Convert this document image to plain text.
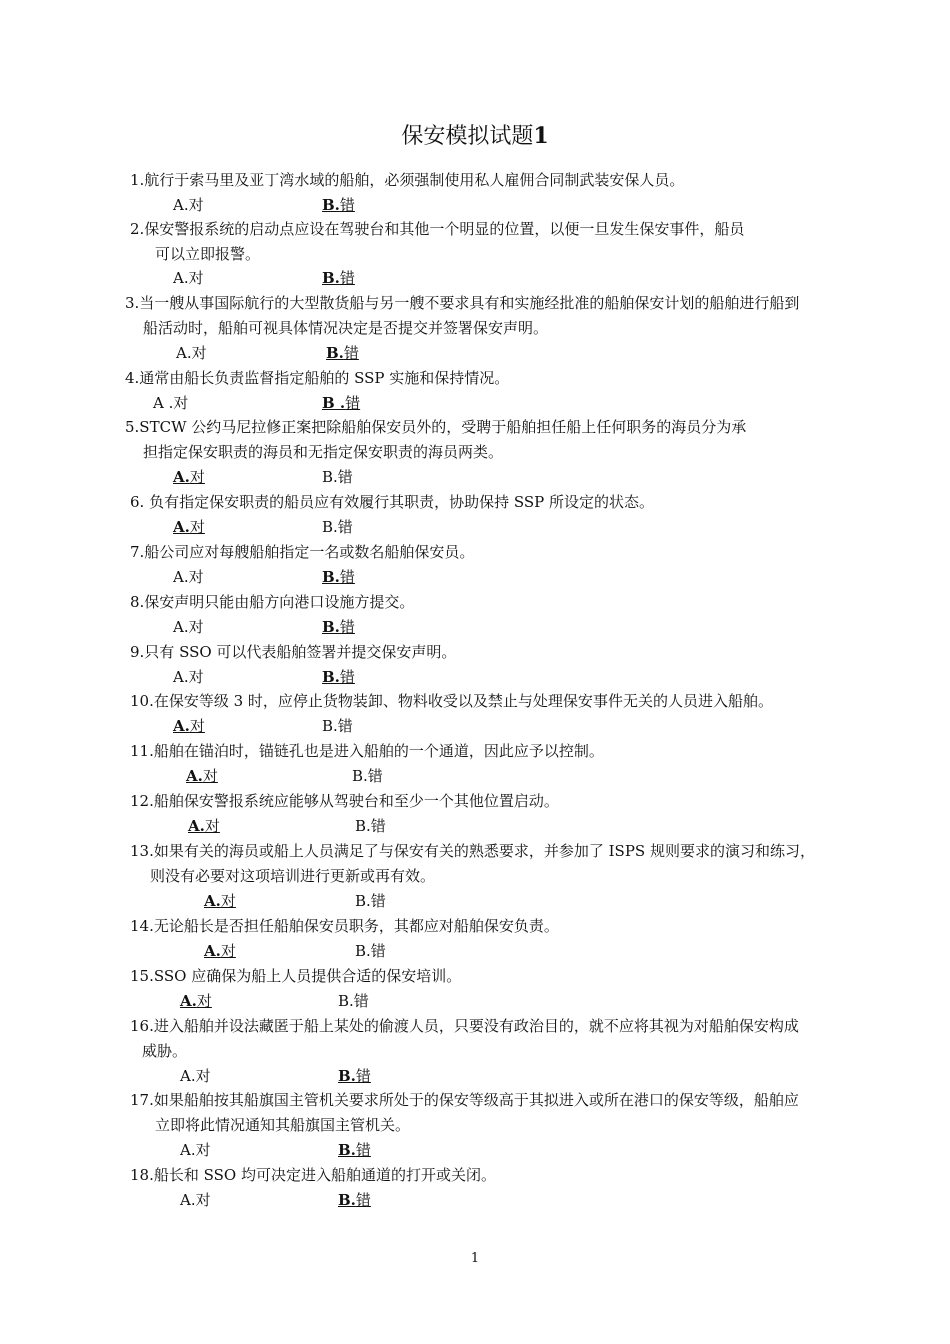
保安模拟试题1
1.航行于索马里及亚丁湾水域的船舶，必须强制使用私人雇佣合同制武装安保人员。
A.对	B.错
2.保安警报系统的启动点应设在驾驶台和其他一个明显的位置，以便一旦发生保安事件，船员
可以立即报警。
A.对	B.错
3.当一艘从事国际航行的大型散货船与另一艘不要求具有和实施经批准的船舶保安计划的船舶进行船到
船活动时，船舶可视具体情况决定是否提交并签署保安声明。
A.对	B.错
4.通常由船长负责监督指定船舶的 SSP 实施和保持情况。
A .对	B .错
5.STCW 公约马尼拉修正案把除船舶保安员外的，受聘于船舶担任船上任何职务的海员分为承
担指定保安职责的海员和无指定保安职责的海员两类。
A.对	B.错
6. 负有指定保安职责的船员应有效履行其职责，协助保持 SSP 所设定的状态。
A.对	B.错
7.船公司应对每艘船舶指定一名或数名船舶保安员。
A.对	B.错
8.保安声明只能由船方向港口设施方提交。
A.对	B.错
9.只有 SSO 可以代表船舶签署并提交保安声明。
A.对	B.错
10.在保安等级 3 时，应停止货物装卸、物料收受以及禁止与处理保安事件无关的人员进入船舶。
A.对	B.错
11.船舶在锚泊时，锚链孔也是进入船舶的一个通道，因此应予以控制。
A.对	B.错
12.船舶保安警报系统应能够从驾驶台和至少一个其他位置启动。
A.对	B.错
13.如果有关的海员或船上人员满足了与保安有关的熟悉要求，并参加了 ISPS 规则要求的演习和练习，
则没有必要对这项培训进行更新或再有效。
A.对	B.错
14.无论船长是否担任船舶保安员职务，其都应对船舶保安负责。
A.对	B.错
15.SSO 应确保为船上人员提供合适的保安培训。
A.对	B.错
16.进入船舶并设法藏匿于船上某处的偷渡人员，只要没有政治目的，就不应将其视为对船舶保安构成
威胁。
A.对	B.错
17.如果船舶按其船旗国主管机关要求所处于的保安等级高于其拟进入或所在港口的保安等级，船舶应
立即将此情况通知其船旗国主管机关。
A.对	B.错
18.船长和 SSO 均可决定进入船舶通道的打开或关闭。
A.对	B.错
1
